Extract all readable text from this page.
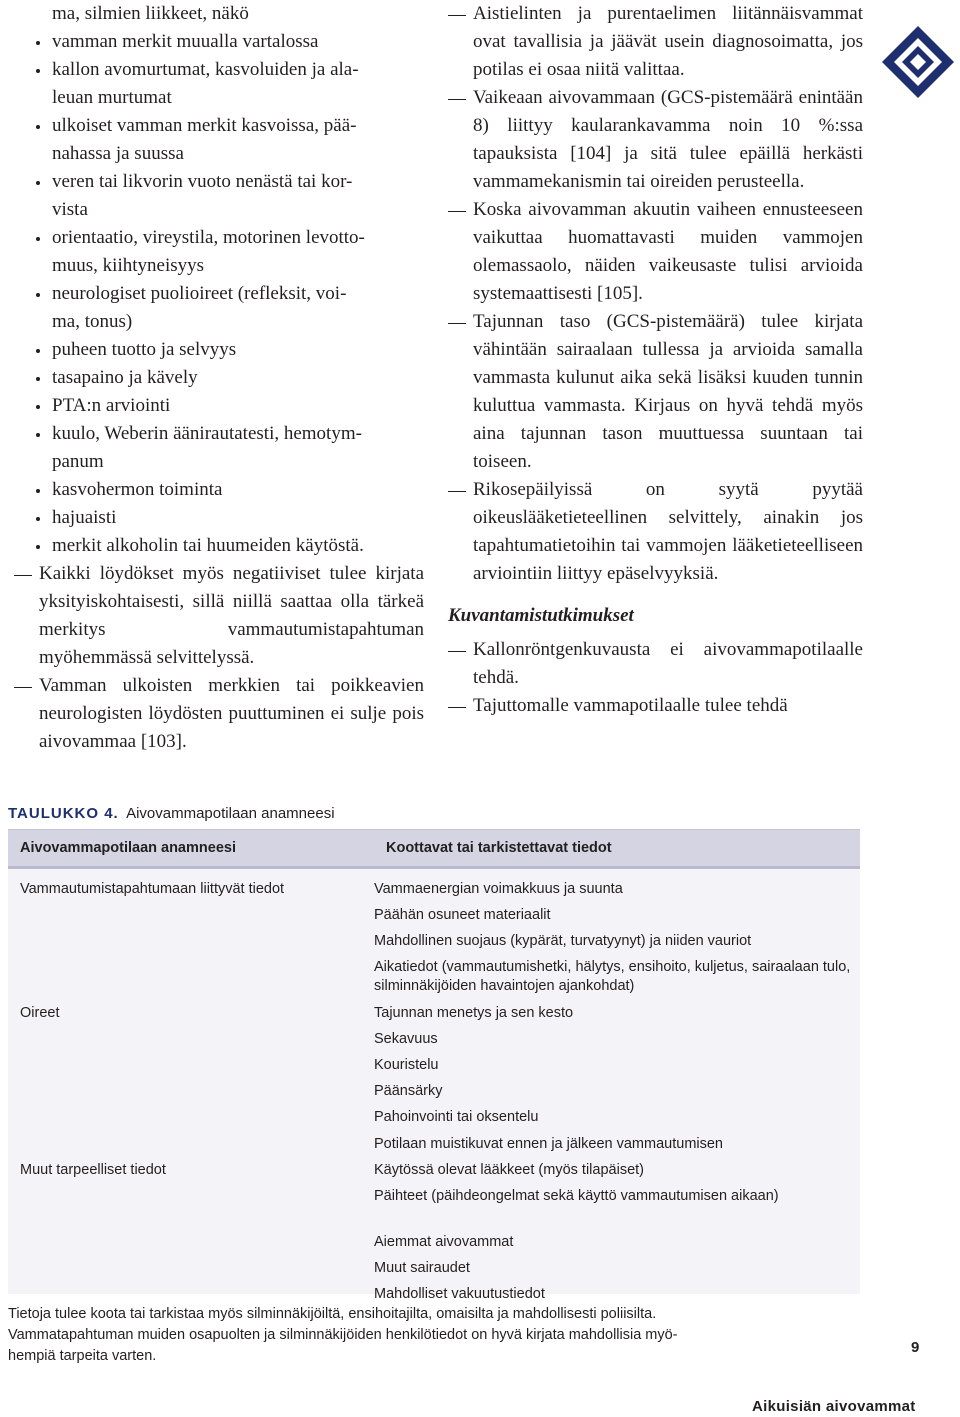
ma, silmien liikkeet, näkö
vamman merkit muualla vartalossa
kallon avomurtumat, kasvoluiden ja ala-
leuan murtumat
ulkoiset vamman merkit kasvoissa, pää-
nahassa ja suussa
veren tai likvorin vuoto nenästä tai kor-
vista
orientaatio, vireystila, motorinen levotto-
muus, kiihtyneisyys
neurologiset puolioireet (refleksit, voi-
ma, tonus)
puheen tuotto ja selvyys
tasapaino ja kävely
PTA:n arviointi
kuulo, Weberin äänirautatesti, hemotym-
panum
kasvohermon toiminta
hajuaisti
merkit alkoholin tai huumeiden käytöstä.
Kaikki löydökset myös negatiiviset tulee kirjata yksityiskohtaisesti, sillä niillä saattaa olla tärkeä merkitys vammautumistapahtuman myöhemmässä selvittelyssä.
Vamman ulkoisten merkkien tai poikkeavien neurologisten löydösten puuttuminen ei sulje pois aivovammaa [103].
Aistielinten ja purentaelimen liitännäisvammat ovat tavallisia ja jäävät usein diagnosoimatta, jos potilas ei osaa niitä valittaa.
Vaikeaan aivovammaan (GCS-pistemäärä enintään 8) liittyy kaularankavamma noin 10 %:ssa tapauksista [104] ja sitä tulee epäillä herkästi vammamekanismin tai oireiden perusteella.
Koska aivovamman akuutin vaiheen ennusteeseen vaikuttaa huomattavasti muiden vammojen olemassaolo, näiden vaikeusaste tulisi arvioida systemaattisesti [105].
Tajunnan taso (GCS-pistemäärä) tulee kirjata vähintään sairaalaan tullessa ja arvioida samalla vammasta kulunut aika sekä lisäksi kuuden tunnin kuluttua vammasta. Kirjaus on hyvä tehdä myös aina tajunnan tason muuttuessa suuntaan tai toiseen.
Rikosepäilyissä on syytä pyytää oikeuslääketieteellinen selvittely, ainakin jos tapahtumatietoihin tai vammojen lääketieteelliseen arviointiin liittyy epäselvyyksiä.
Kuvantamistutkimukset
Kallonröntgenkuvausta ei aivovammapotilaalle tehdä.
Tajuttomalle vammapotilaalle tulee tehdä
TAULUKKO 4. Aivovammapotilaan anamneesi
Aivovammapotilaan anamneesi	Koottavat tai tarkistettavat tiedot
Vammautumistapahtumaan liittyvät tiedot
Oireet
Muut tarpeelliset tiedot
Vammaenergian voimakkuus ja suunta
Päähän osuneet materiaalit
Mahdollinen suojaus (kypärät, turvatyynyt) ja niiden vauriot
Aikatiedot (vammautumishetki, hälytys, ensihoito, kuljetus, sairaalaan tulo, silminnäkijöiden havaintojen ajankohdat)
Tajunnan menetys ja sen kesto
Sekavuus
Kouristelu
Päänsärky
Pahoinvointi tai oksentelu
Potilaan muistikuvat ennen ja jälkeen vammautumisen
Käytössä olevat lääkkeet (myös tilapäiset)
Päihteet (päihdeongelmat sekä käyttö vammautumisen aikaan)
Aiemmat aivovammat
Muut sairaudet
Mahdolliset vakuutustiedot
Tietoja tulee koota tai tarkistaa myös silminnäkijöiltä, ensihoitajilta, omaisilta ja mahdollisesti poliisilta.
Vammatapahtuman muiden osapuolten ja silminnäkijöiden henkilötiedot on hyvä kirjata mahdollisia myö-
hempiä tarpeita varten.	9
Aikuisiän aivovammat
